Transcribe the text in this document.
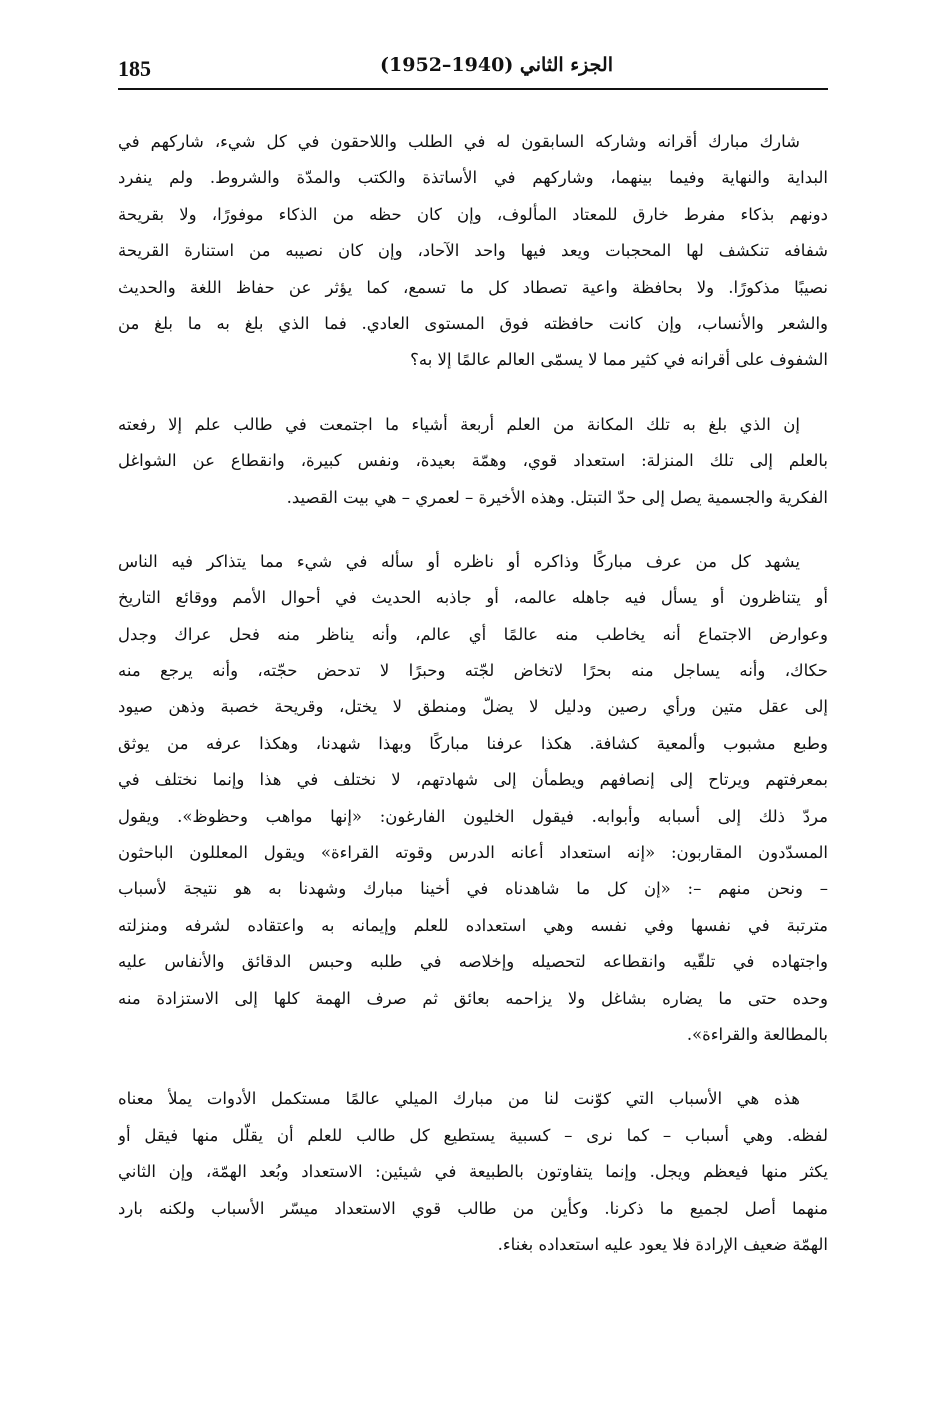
185	الجزء الثاني (1940–1952)

شارك مبارك أقرانه وشاركه السابقون له في الطلب واللاحقون في كل شيء، شاركهم في
البداية والنهاية وفيما بينهما، وشاركهم في الأساتذة والكتب والمدّة والشروط. ولم ينفرد
دونهم بذكاء مفرط خارق للمعتاد المألوف، وإن كان حظه من الذكاء موفورًا، ولا بقريحة
شفافه تنكشف لها المحجبات ويعد فيها واحد الآحاد، وإن كان نصيبه من استنارة القريحة
نصيبًا مذكورًا. ولا بحافظة واعية تصطاد كل ما تسمع، كما يؤثر عن حفاظ اللغة والحديث
والشعر والأنساب، وإن كانت حافظته فوق المستوى العادي. فما الذي بلغ به ما بلغ من
الشفوف على أقرانه في كثير مما لا يسمّى العالم عالمًا إلا به؟

إن الذي بلغ به تلك المكانة من العلم أربعة أشياء ما اجتمعت في طالب علم إلا رفعته
بالعلم إلى تلك المنزلة: استعداد قوي، وهمّة بعيدة، ونفس كبيرة، وانقطاع عن الشواغل
الفكرية والجسمية يصل إلى حدّ التبتل. وهذه الأخيرة – لعمري – هي بيت القصيد.

يشهد كل من عرف مباركًا وذاكره أو ناظره أو سأله في شيء مما يتذاكر فيه الناس
أو يتناظرون أو يسأل فيه جاهله عالمه، أو جاذبه الحديث في أحوال الأمم ووقائع التاريخ
وعوارض الاجتماع أنه يخاطب منه عالمًا أي عالم، وأنه يناظر منه فحل عراك وجدل
حكاك، وأنه يساجل منه بحرًا لاتخاض لجّته وحبرًا لا تدحض حجّته، وأنه يرجع منه
إلى عقل متين ورأي رصين ودليل لا يضلّ ومنطق لا يختل، وقريحة خصبة وذهن صيود
وطبع مشبوب وألمعية كشافة. هكذا عرفنا مباركًا وبهذا شهدنا، وهكذا عرفه من يوثق
بمعرفتهم ويرتاح إلى إنصافهم ويطمأن إلى شهادتهم، لا نختلف في هذا وإنما نختلف في
مردّ ذلك إلى أسبابه وأبوابه. فيقول الخليون الفارغون: «إنها مواهب وحظوظ». ويقول
المسدّدون المقاربون: «إنه استعداد أعانه الدرس وقوته القراءة» ويقول المعللون الباحثون
– ونحن منهم –: «إن كل ما شاهدناه في أخينا مبارك وشهدنا به هو نتيجة لأسباب
مترتبة في نفسها وفي نفسه وهي استعداده للعلم وإيمانه به واعتقاده لشرفه ومنزلته
واجتهاده في تلقّيه وانقطاعه لتحصيله وإخلاصه في طلبه وحبس الدقائق والأنفاس عليه
وحده حتى ما يضاره بشاغل ولا يزاحمه بعائق ثم صرف الهمة كلها إلى الاستزادة منه
بالمطالعة والقراءة».

هذه هي الأسباب التي كوّنت لنا من مبارك الميلي عالمًا مستكمل الأدوات يملأ معناه
لفظه. وهي أسباب – كما نرى – كسبية يستطيع كل طالب للعلم أن يقلّل منها فيقل أو
يكثر منها فيعظم ويجل. وإنما يتفاوتون بالطبيعة في شيئين: الاستعداد وبُعد الهمّة، وإن الثاني
منهما أصل لجميع ما ذكرنا. وكأين من طالب قوي الاستعداد ميسّر الأسباب ولكنه بارد
الهمّة ضعيف الإرادة فلا يعود عليه استعداده بغناء.
